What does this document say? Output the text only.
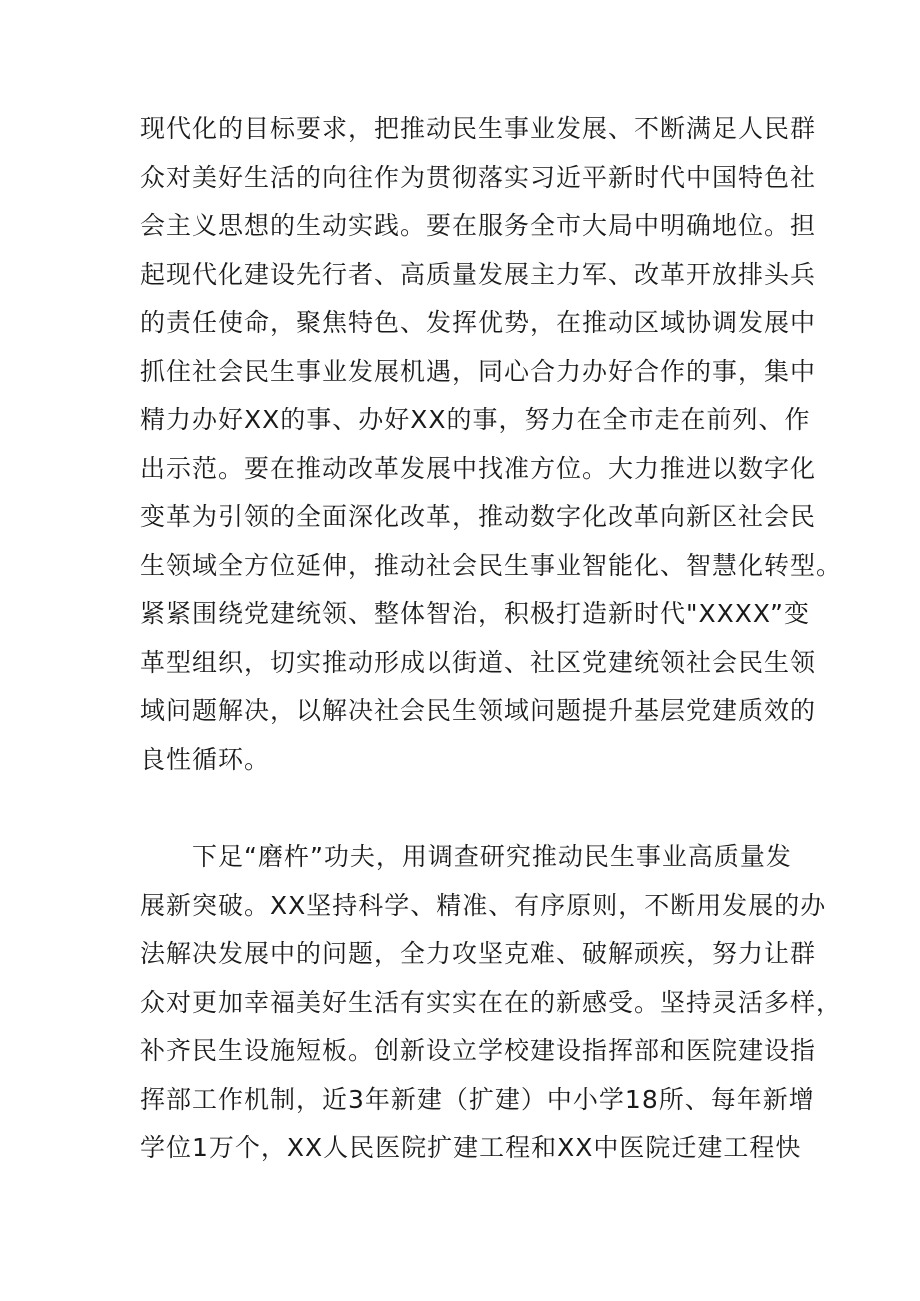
现代化的目标要求，把推动民生事业发展、不断满足人民群
众对美好生活的向往作为贯彻落实习近平新时代中国特色社
会主义思想的生动实践。要在服务全市大局中明确地位。担
起现代化建设先行者、高质量发展主力军、改革开放排头兵
的责任使命，聚焦特色、发挥优势，在推动区域协调发展中
抓住社会民生事业发展机遇，同心合力办好合作的事，集中
精力办好XX的事、办好XX的事，努力在全市走在前列、作
出示范。要在推动改革发展中找准方位。大力推进以数字化
变革为引领的全面深化改革，推动数字化改革向新区社会民
生领域全方位延伸，推动社会民生事业智能化、智慧化转型。
紧紧围绕党建统领、整体智治，积极打造新时代"XXXX”变
革型组织，切实推动形成以街道、社区党建统领社会民生领
域问题解决，以解决社会民生领域问题提升基层党建质效的
良性循环。

下足“磨杵”功夫，用调查研究推动民生事业高质量发
展新突破。XX坚持科学、精准、有序原则，不断用发展的办
法解决发展中的问题，全力攻坚克难、破解顽疾，努力让群
众对更加幸福美好生活有实实在在的新感受。坚持灵活多样，
补齐民生设施短板。创新设立学校建设指挥部和医院建设指
挥部工作机制，近3年新建（扩建）中小学18所、每年新增
学位1万个，XX人民医院扩建工程和XX中医院迁建工程快
